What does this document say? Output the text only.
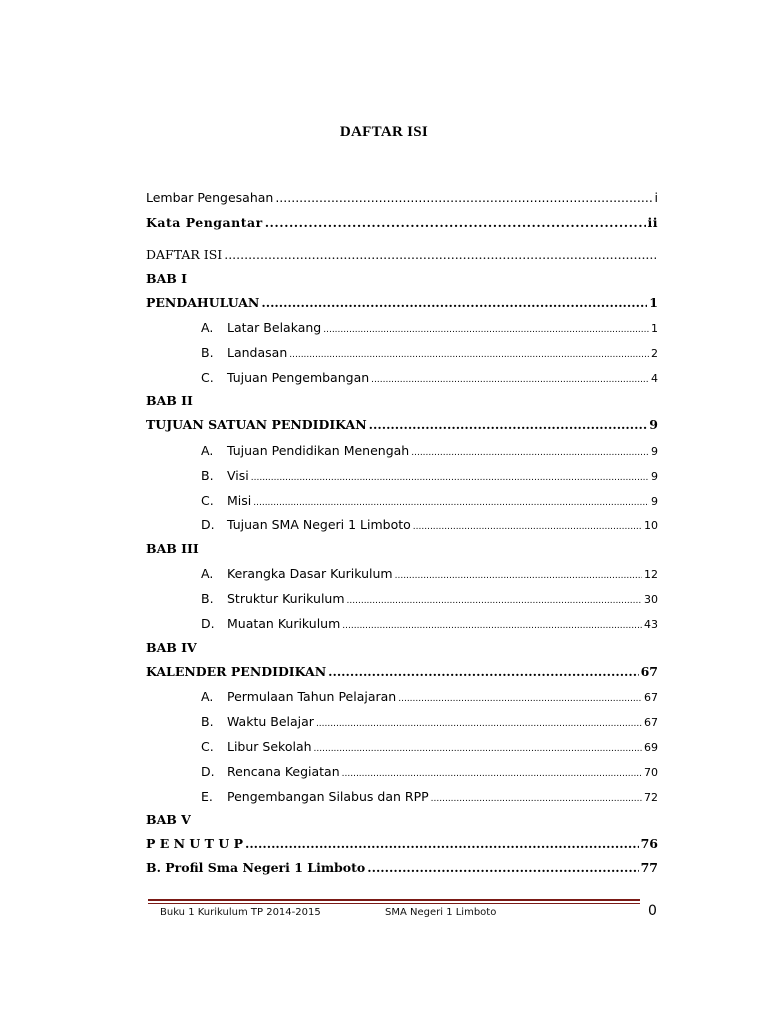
DAFTAR ISI
Lembar Pengesahan .....	i
Kata Pengantar .....	ii
DAFTAR ISI
.....
BAB I
PENDAHULUAN .....	1
A.	Latar Belakang .....	1
B.	Landasan .....	2
C.	Tujuan Pengembangan .....	4
BAB II
TUJUAN SATUAN PENDIDIKAN .....	9
A.	Tujuan Pendidikan Menengah .....	9
B.	Visi .....	9
C.	Misi .....	9
D. Tujuan SMA Negeri 1 Limboto .....	10
BAB III
A.	Kerangka Dasar Kurikulum .....	12
B.	Struktur Kurikulum .....	30
D. Muatan Kurikulum .....	43
BAB IV
KALENDER PENDIDIKAN .....	67
A.	Permulaan Tahun Pelajaran .....	67
B.	Waktu Belajar .....	67
C.	Libur Sekolah .....	69
D. Rencana Kegiatan .....	70
E.	Pengembangan Silabus dan RPP .....	72
BAB V
P E N U T U P .....	76
B. Profil Sma Negeri 1 Limboto .....	77
Buku 1 Kurikulum TP 2014-2015	SMA Negeri 1 Limboto	0
